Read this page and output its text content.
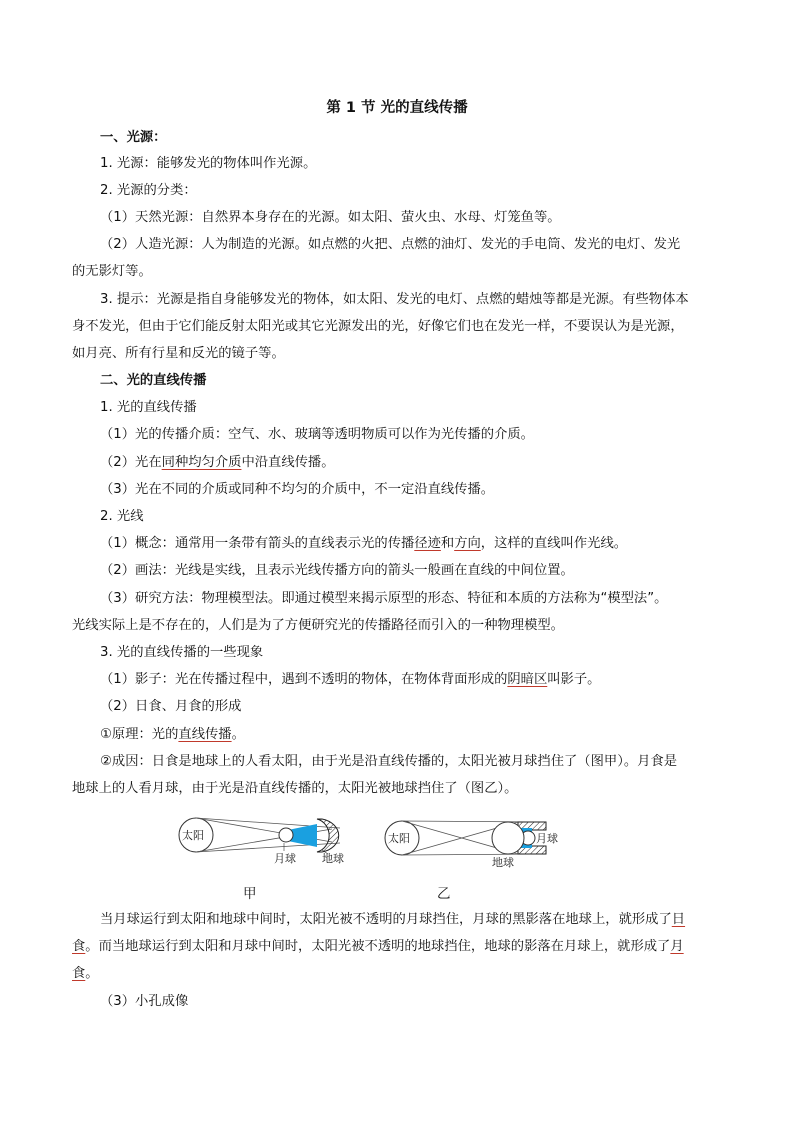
第 1 节 光的直线传播
一、光源：
1. 光源：能够发光的物体叫作光源。
2. 光源的分类：
（1）天然光源：自然界本身存在的光源。如太阳、萤火虫、水母、灯笼鱼等。
（2）人造光源：人为制造的光源。如点燃的火把、点燃的油灯、发光的手电筒、发光的电灯、发光
的无影灯等。
3. 提示：光源是指自身能够发光的物体，如太阳、发光的电灯、点燃的蜡烛等都是光源。有些物体本
身不发光，但由于它们能反射太阳光或其它光源发出的光，好像它们也在发光一样，不要误认为是光源，
如月亮、所有行星和反光的镜子等。
二、光的直线传播
1. 光的直线传播
（1）光的传播介质：空气、水、玻璃等透明物质可以作为光传播的介质。
（2）光在同种均匀介质中沿直线传播。
（3）光在不同的介质或同种不均匀的介质中，不一定沿直线传播。
2. 光线
（1）概念：通常用一条带有箭头的直线表示光的传播径迹和方向，这样的直线叫作光线。
（2）画法：光线是实线，且表示光线传播方向的箭头一般画在直线的中间位置。
（3）研究方法：物理模型法。即通过模型来揭示原型的形态、特征和本质的方法称为“模型法”。
光线实际上是不存在的，人们是为了方便研究光的传播路径而引入的一种物理模型。
3. 光的直线传播的一些现象
（1）影子：光在传播过程中，遇到不透明的物体，在物体背面形成的阴暗区叫影子。
（2）日食、月食的形成
①原理：光的直线传播。
②成因：日食是地球上的人看太阳，由于光是沿直线传播的，太阳光被月球挡住了（图甲）。月食是
地球上的人看月球，由于光是沿直线传播的，太阳光被地球挡住了（图乙）。
太阳
月球 地球
甲
太阳	月球
地球
乙
当月球运行到太阳和地球中间时，太阳光被不透明的月球挡住，月球的黑影落在地球上，就形成了日
食。而当地球运行到太阳和月球中间时，太阳光被不透明的地球挡住，地球的影落在月球上，就形成了月
食。
（3）小孔成像
